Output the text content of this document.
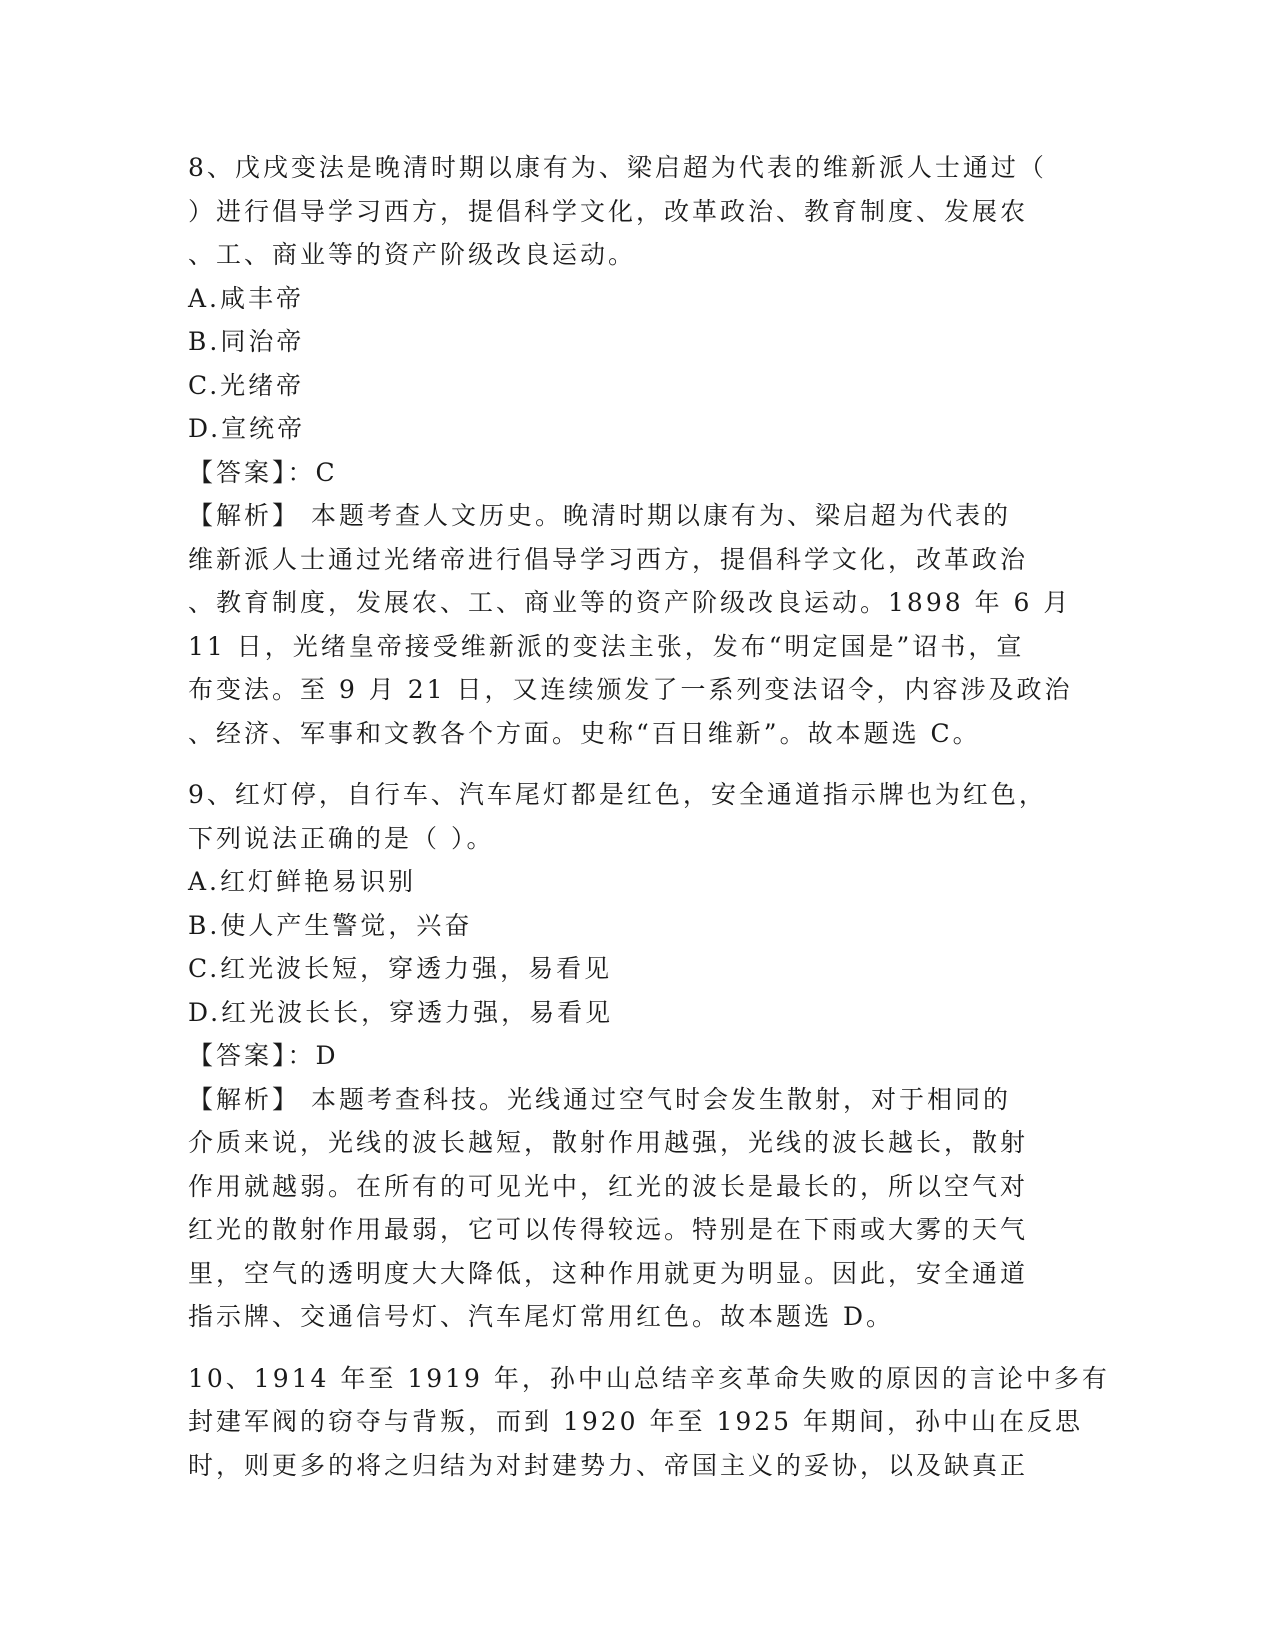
8、戊戌变法是晚清时期以康有为、梁启超为代表的维新派人士通过（
）进行倡导学习西方，提倡科学文化，改革政治、教育制度、发展农
、工、商业等的资产阶级改良运动。
A.咸丰帝
B.同治帝
C.光绪帝
D.宣统帝
【答案】：C
【解析】 本题考查人文历史。晚清时期以康有为、梁启超为代表的
维新派人士通过光绪帝进行倡导学习西方，提倡科学文化，改革政治
、教育制度，发展农、工、商业等的资产阶级改良运动。1898 年 6 月
11 日，光绪皇帝接受维新派的变法主张，发布“明定国是”诏书，宣
布变法。至 9 月 21 日，又连续颁发了一系列变法诏令，内容涉及政治
、经济、军事和文教各个方面。史称“百日维新”。故本题选 C。
9、红灯停，自行车、汽车尾灯都是红色，安全通道指示牌也为红色，
下列说法正确的是（ ）。
A.红灯鲜艳易识别
B.使人产生警觉，兴奋
C.红光波长短，穿透力强，易看见
D.红光波长长，穿透力强，易看见
【答案】：D
【解析】 本题考查科技。光线通过空气时会发生散射，对于相同的
介质来说，光线的波长越短，散射作用越强，光线的波长越长，散射
作用就越弱。在所有的可见光中，红光的波长是最长的，所以空气对
红光的散射作用最弱，它可以传得较远。特别是在下雨或大雾的天气
里，空气的透明度大大降低，这种作用就更为明显。因此，安全通道
指示牌、交通信号灯、汽车尾灯常用红色。故本题选 D。
10、1914 年至 1919 年，孙中山总结辛亥革命失败的原因的言论中多有
封建军阀的窃夺与背叛，而到 1920 年至 1925 年期间，孙中山在反思
时，则更多的将之归结为对封建势力、帝国主义的妥协，以及缺真正
